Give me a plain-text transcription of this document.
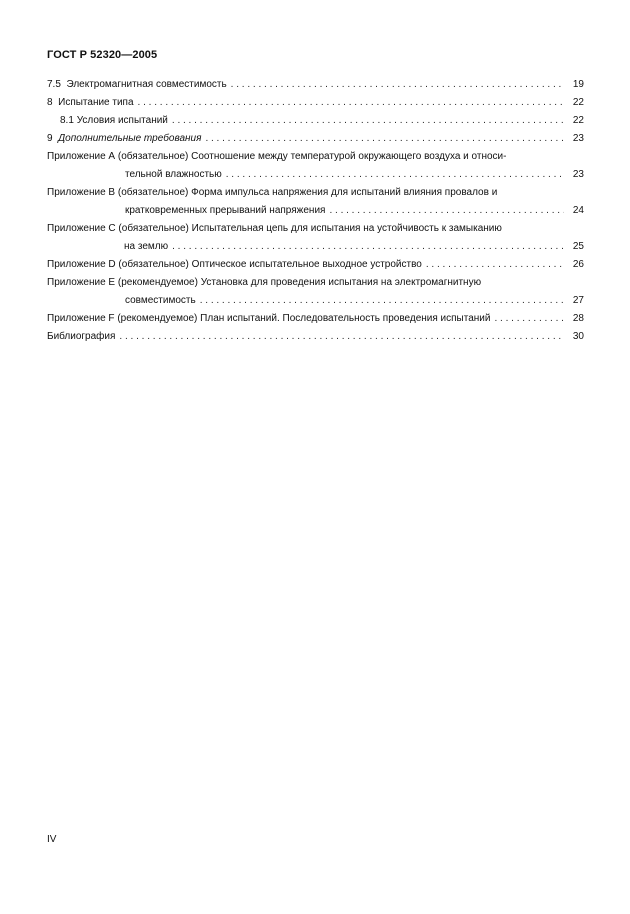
ГОСТ Р 52320—2005
7.5 Электромагнитная совместимость . . .	19
8 Испытание типа . . .	22
8.1 Условия испытаний . . .	22
9 Дополнительные требования . . .	23
Приложение А (обязательное) Соотношение между температурой окружающего воздуха и относи-
тельной влажностью . . .	23
Приложение В (обязательное) Форма импульса напряжения для испытаний влияния провалов и
кратковременных прерываний напряжения . . .	24
Приложение С (обязательное) Испытательная цепь для испытания на устойчивость к замыканию
на землю . . .	25
Приложение D (обязательное) Оптическое испытательное выходное устройство . . .	26
Приложение Е (рекомендуемое) Установка для проведения испытания на электромагнитную
совместимость . . .	27
Приложение F (рекомендуемое) План испытаний. Последовательность проведения испытаний . . .	28
Библиография . . .	30
IV
